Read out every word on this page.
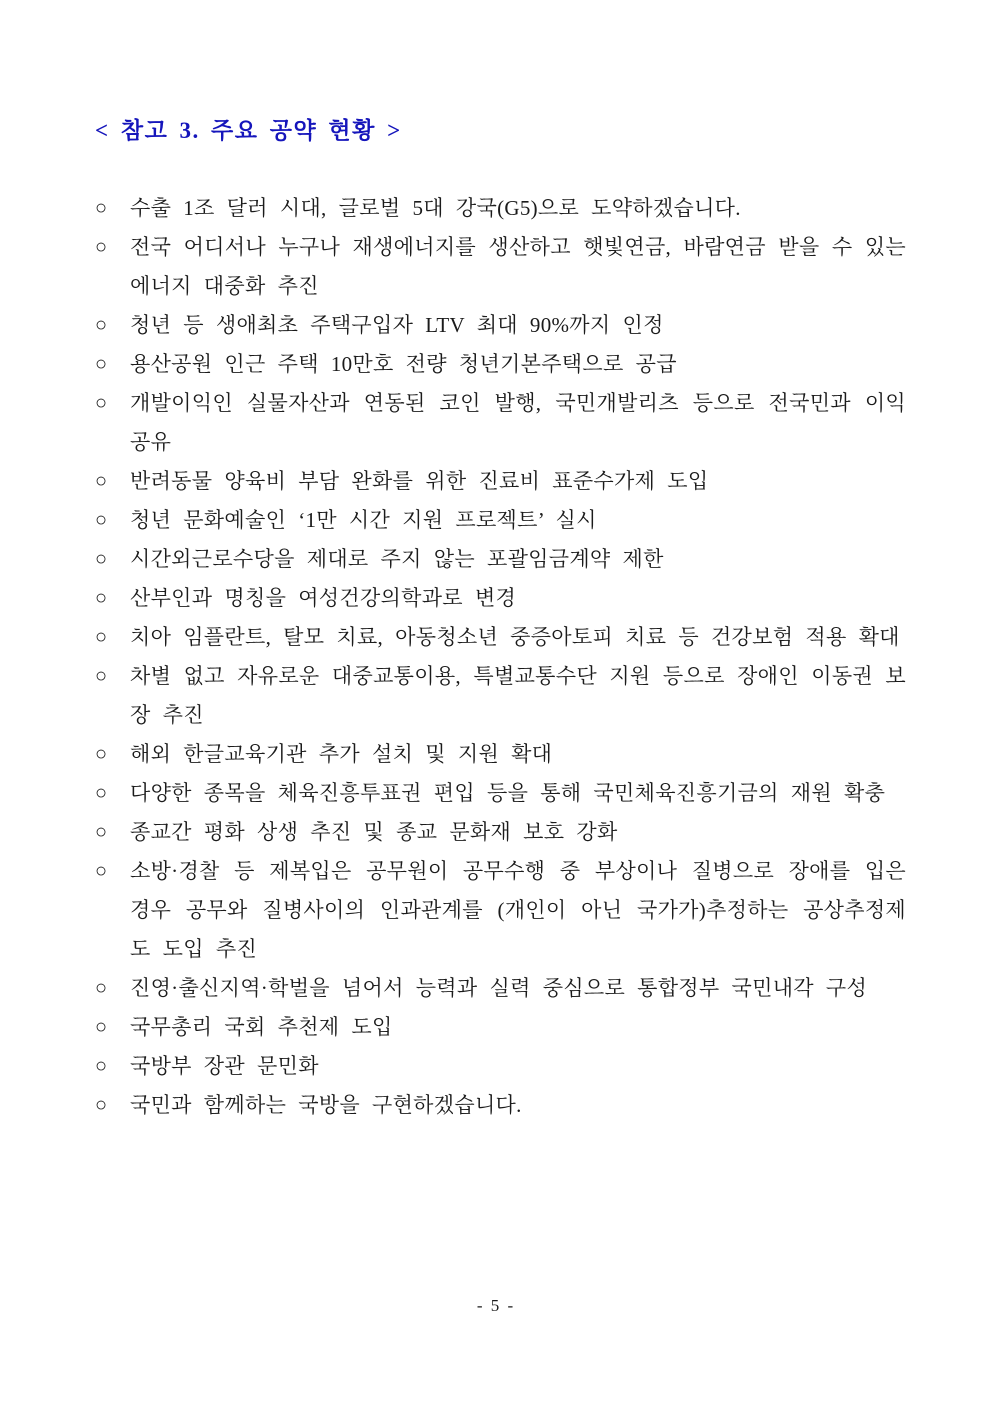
< 참고 3. 주요 공약 현황 >
○ 수출 1조 달러 시대, 글로벌 5대 강국(G5)으로 도약하겠습니다.
○ 전국 어디서나 누구나 재생에너지를 생산하고 햇빛연금, 바람연금 받을 수 있는 에너지 대중화 추진
○ 청년 등 생애최초 주택구입자 LTV 최대 90%까지 인정
○ 용산공원 인근 주택 10만호 전량 청년기본주택으로 공급
○ 개발이익인 실물자산과 연동된 코인 발행, 국민개발리츠 등으로 전국민과 이익 공유
○ 반려동물 양육비 부담 완화를 위한 진료비 표준수가제 도입
○ 청년 문화예술인 ‘1만 시간 지원 프로젝트’ 실시
○ 시간외근로수당을 제대로 주지 않는 포괄임금계약 제한
○ 산부인과 명칭을 여성건강의학과로 변경
○ 치아 임플란트, 탈모 치료, 아동청소년 중증아토피 치료 등 건강보험 적용 확대
○ 차별 없고 자유로운 대중교통이용, 특별교통수단 지원 등으로 장애인 이동권 보장 추진
○ 해외 한글교육기관 추가 설치 및 지원 확대
○ 다양한 종목을 체육진흥투표권 편입 등을 통해 국민체육진흥기금의 재원 확충
○ 종교간 평화 상생 추진 및 종교 문화재 보호 강화
○ 소방·경찰 등 제복입은 공무원이 공무수행 중 부상이나 질병으로 장애를 입은 경우 공무와 질병사이의 인과관계를 (개인이 아닌 국가가)추정하는 공상추정제도 도입 추진
○ 진영·출신지역·학벌을 넘어서 능력과 실력 중심으로 통합정부 국민내각 구성
○ 국무총리 국회 추천제 도입
○ 국방부 장관 문민화
○ 국민과 함께하는 국방을 구현하겠습니다.
- 5 -
